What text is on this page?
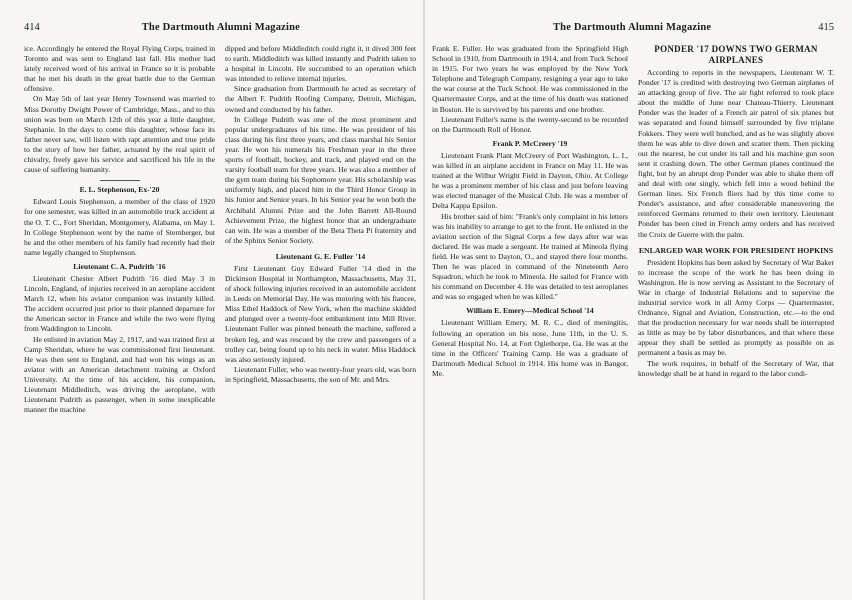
414	The Dartmouth Alumni Magazine

ice. Accordingly he entered the Royal Flying Corps, trained in Toronto and was sent to England last fall. His mother had lately received word of his arrival in France so it is probable that he met his death in the great battle due to the German offensive.

On May 5th of last year Henry Townsend was married to Miss Dorothy Dwight Power of Cambridge, Mass., and to this union was born on March 12th of this year a little daughter, Stephanie. In the days to come this daughter, whose face its father never saw, will listen with rapt attention and true pride to the story of how her father, actuated by the real spirit of chivalry, freely gave his service and sacrificed his life in the cause of suffering humanity.

E. L. Stephenson, Ex-'20

Edward Louis Stephenson, a member of the class of 1920 for one semester, was killed in an automobile truck accident at the O. T. C., Fort Sheridan, Montgomery, Alabama, on May 1. In College Stephenson went by the name of Sternberger, but he and the other members of his family had recently had their name legally changed to Stephenson.

Lieutenant C. A. Pudrith '16

Lieutenant Chester Albert Pudrith '16 died May 3 in Lincoln, England, of injuries received in an aeroplane accident March 12, when his aviator companion was instantly killed. The accident occurred just prior to their planned departure for the American sector in France and while the two were flying from Waddington to Lincoln.

He enlisted in aviation May 2, 1917, and was trained first at Camp Sheridan, where he was commissioned first lieutenant. He was then sent to England, and had won his wings as an aviator with an American detachment training at Oxford University. At the time of his accident, his companion, Lieutenant Middleditch, was driving the aeroplane, with Lieutenant Pudrith as passenger, when in some inexplicable manner the machine

dipped and before Middleditch could right it, it dived 300 feet to earth. Middleditch was killed instantly and Pudrith taken to a hospital in Lincoln. He succumbed to an operation which was intended to relieve internal injuries.

Since graduation from Dartmouth he acted as secretary of the Albert F. Pudrith Roofing Company, Detroit, Michigan, owned and conducted by his father.

In College Pudrith was one of the most prominent and popular undergraduates of his time. He was president of his class during his first three years, and class marshal his Senior year. He won his numerals his Freshman year in the three sports of football, hockey, and track, and played end on the varsity football team for three years. He was also a member of the gym team during his Sophomore year. His scholarship was uniformly high, and placed him in the Third Honor Group in his Junior and Senior years. In his Senior year he won both the Archibald Alumni Prize and the John Barrett All-Round Achievement Prize, the highest honor that an undergraduate can win. He was a member of the Beta Theta Pi fraternity and of the Sphinx Senior Society.

Lieutenant G. E. Fuller '14

First Lieutenant Guy Edward Fuller '14 died in the Dickinson Hospital in Northampton, Massachusetts, May 31, of shock following injuries received in an automobile accident in Leeds on Memorial Day. He was motoring with his fiancee, Miss Ethel Haddock of New York, when the machine skidded and plunged over a twenty-foot embankment into Mill River. Lieutenant Fuller was pinned beneath the machine, suffered a broken leg, and was rescued by the crew and passengers of a trolley car, being found up to his neck in water. Miss Haddock was also seriously injured.

Lieutenant Fuller, who was twenty-four years old, was born in Springfield, Massachusetts, the son of Mr. and Mrs.

The Dartmouth Alumni Magazine	415

Frank E. Fuller. He was graduated from the Springfield High School in 1910, from Dartmouth in 1914, and from Tuck School in 1915. For two years he was employed by the New York Telephone and Telegraph Company, resigning a year ago to take the war course at the Tuck School. He was commissioned in the Quartermaster Corps, and at the time of his death was stationed in Boston. He is survived by his parents and one brother.

Lieutenant Fuller's name is the twenty-second to be recorded on the Dartmouth Roll of Honor.

Frank P. McCreery '19

Lieutenant Frank Plant McCreery of Port Washington, L. I., was killed in an airplane accident in France on May 11. He was trained at the Wilbur Wright Field in Dayton, Ohio. At College he was a prominent member of his class and just before leaving was elected manager of the Musical Club. He was a member of Delta Kappa Epsilon.

His brother said of him: "Frank's only complaint in his letters was his inability to arrange to get to the front. He enlisted in the aviation section of the Signal Corps a few days after war was declared. He was made a sergeant. He trained at Mineola flying field. He was sent to Dayton, O., and stayed there four months. Then he was placed in command of the Nineteenth Aero Squadron, which he took to Mineola. He sailed for France with his command on December 4. He was detailed to test aeroplanes and was so engaged when he was killed."

William E. Emery—Medical School '14

Lieutenant William Emery, M. R. C., died of meningitis, following an operation on his nose, June 11th, in the U. S. General Hospital No. 14, at Fort Oglethorpe, Ga. He was at the time in the Officers' Training Camp. He was a graduate of Dartmouth Medical School in 1914. His home was in Bangor, Me.

PONDER '17 DOWNS TWO GERMAN AIRPLANES

According to reports in the newspapers, Lieutenant W. T. Ponder '17 is credited with destroying two German airplanes of an attacking group of five. The air fight referred to took place about the middle of June near Chateau-Thierry. Lieutenant Ponder was the leader of a French air patrol of six planes but was separated and found himself surrounded by five triplane Fokkers. They were well bunched, and as he was slightly above them he was able to dive down and scatter them. Then picking out the nearest, he cut under its tail and his machine gun soon sent it crashing down. The other German planes continued the fight, but by an abrupt drop Ponder was able to shake them off and deal with one singly, which fell into a wood behind the German lines. Six French fliers had by this time come to Ponder's assistance, and after considerable maneuvering the reinforced Germans returned to their own territory. Lieutenant Ponder has been cited in French army orders and has received the Croix de Guerre with the palm.

ENLARGED WAR WORK FOR PRESIDENT HOPKINS

President Hopkins has been asked by Secretary of War Baker to increase the scope of the work he has been doing in Washington. He is now serving as Assistant to the Secretary of War in charge of Industrial Relations and to supervise the industrial service work in all Army Corps — Quartermaster, Ordnance, Signal and Aviation, Construction, etc.—to the end that the production necessary for war needs shall be interrupted as little as may be by labor disturbances, and that where these appear they shall be settled as promptly as possible on as permanent a basis as may be.

The work requires, in behalf of the Secretary of War, that knowledge shall be at hand in regard to the labor condi-
